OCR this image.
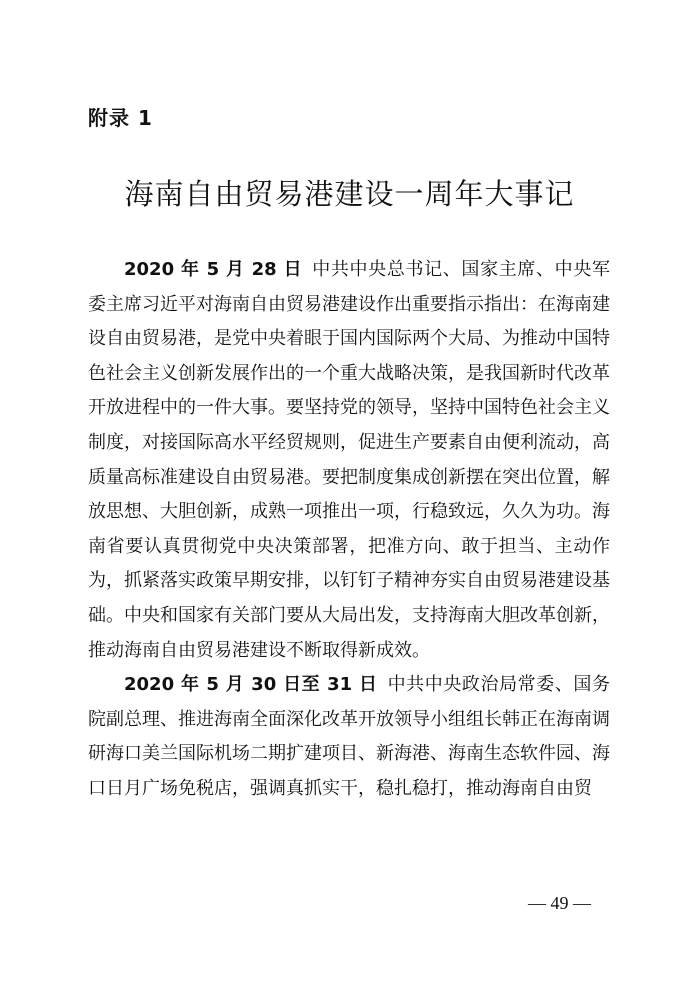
附录 1
海南自由贸易港建设一周年大事记

2020 年 5 月 28 日 中共中央总书记、国家主席、中央军委主席习近平对海南自由贸易港建设作出重要指示指出：在海南建设自由贸易港，是党中央着眼于国内国际两个大局、为推动中国特色社会主义创新发展作出的一个重大战略决策，是我国新时代改革开放进程中的一件大事。要坚持党的领导，坚持中国特色社会主义制度，对接国际高水平经贸规则，促进生产要素自由便利流动，高质量高标准建设自由贸易港。要把制度集成创新摆在突出位置，解放思想、大胆创新，成熟一项推出一项，行稳致远，久久为功。海南省要认真贯彻党中央决策部署，把准方向、敢于担当、主动作为，抓紧落实政策早期安排，以钉钉子精神夯实自由贸易港建设基础。中央和国家有关部门要从大局出发，支持海南大胆改革创新，推动海南自由贸易港建设不断取得新成效。

2020 年 5 月 30 日至 31 日 中共中央政治局常委、国务院副总理、推进海南全面深化改革开放领导小组组长韩正在海南调研海口美兰国际机场二期扩建项目、新海港、海南生态软件园、海口日月广场免税店，强调真抓实干，稳扎稳打，推动海南自由贸

— 49 —
